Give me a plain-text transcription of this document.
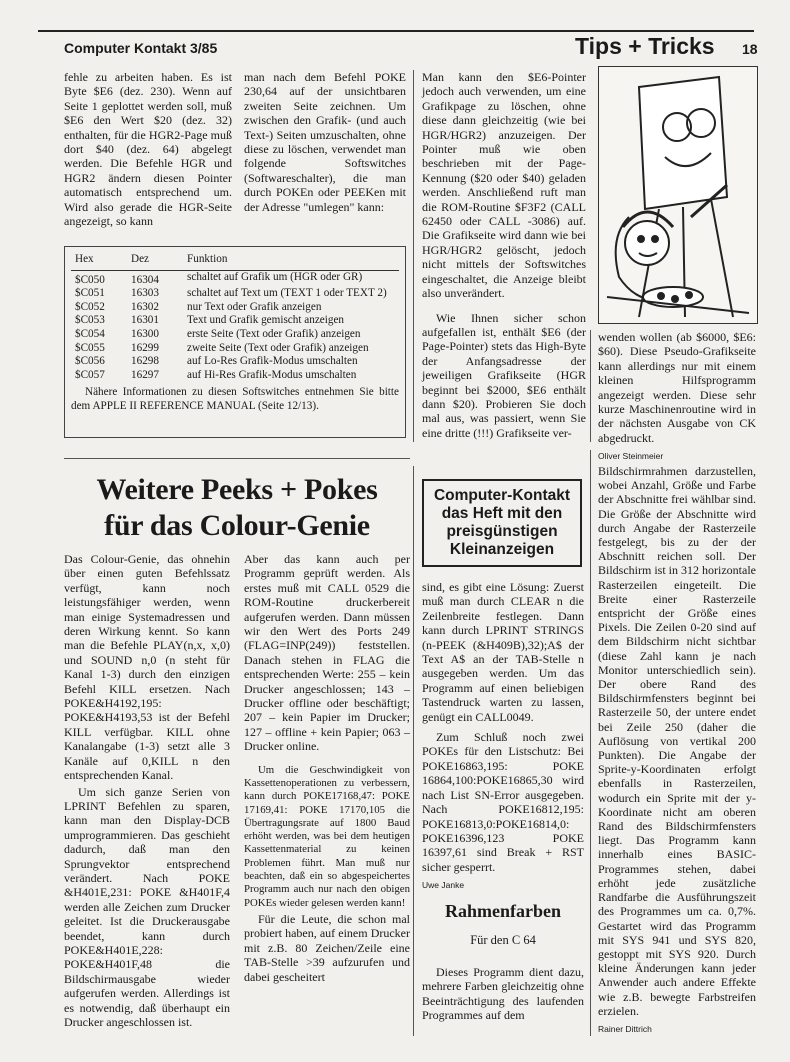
Computer Kontakt 3/85	Tips + Tricks 18

fehle zu arbeiten haben. Es ist Byte $E6 (dez. 230). Wenn auf Seite 1 geplottet werden soll, muß $E6 den Wert $20 (dez. 32) enthalten, für die HGR2-Page muß dort $40 (dez. 64) abgelegt werden. Die Befehle HGR und HGR2 ändern diesen Pointer automatisch entsprechend um. Wird also gerade die HGR-Seite angezeigt, so kann

man nach dem Befehl POKE 230,64 auf der unsichtbaren zweiten Seite zeichnen. Um zwischen den Grafik- (und auch Text-) Seiten umzuschalten, ohne diese zu löschen, verwendet man folgende Softswitches (Softwareschalter), die man durch POKEn oder PEEKen mit der Adresse "umlegen" kann:

Hex	Dez	Funktion
$C050	16304	schaltet auf Grafik um (HGR oder GR)
$C051	16303	schaltet auf Text um (TEXT 1 oder TEXT 2)
$C052	16302	nur Text oder Grafik anzeigen
$C053	16301	Text und Grafik gemischt anzeigen
$C054	16300	erste Seite (Text oder Grafik) anzeigen
$C055	16299	zweite Seite (Text oder Grafik) anzeigen
$C056	16298	auf Lo-Res Grafik-Modus umschalten
$C057	16297	auf Hi-Res Grafik-Modus umschalten
Nähere Informationen zu diesen Softswitches entnehmen Sie bitte dem APPLE II REFERENCE MANUAL (Seite 12/13).

Man kann den $E6-Pointer jedoch auch verwenden, um eine Grafikpage zu löschen, ohne diese dann gleichzeitig (wie bei HGR/HGR2) anzuzeigen. Der Pointer muß wie oben beschrieben mit der Page-Kennung ($20 oder $40) geladen werden. Anschließend ruft man die ROM-Routine $F3F2 (CALL 62450 oder CALL -3086) auf. Die Grafikseite wird dann wie bei HGR/HGR2 gelöscht, jedoch nicht mittels der Softswitches eingeschaltet, die Anzeige bleibt also unverändert.

Wie Ihnen sicher schon aufgefallen ist, enthält $E6 (der Page-Pointer) stets das High-Byte der Anfangsadresse der jeweiligen Grafikseite (HGR beginnt bei $2000, $E6 enthält dann $20). Probieren Sie doch mal aus, was passiert, wenn Sie eine dritte (!!!) Grafikseite ver-

wenden wollen (ab $6000, $E6: $60). Diese Pseudo-Grafikseite kann allerdings nur mit einem kleinen Hilfsprogramm angezeigt werden. Diese sehr kurze Maschinenroutine wird in der nächsten Ausgabe von CK abgedruckt.

Oliver Steinmeier
Weitere Peeks + Pokes
für das Colour-Genie

Das Colour-Genie, das ohnehin über einen guten Befehlssatz verfügt, kann noch leistungsfähiger werden, wenn man einige Systemadressen und deren Wirkung kennt. So kann man die Befehle PLAY(n,x, x,0) und SOUND n,0 (n steht für Kanal 1-3) durch den einzigen Befehl KILL ersetzen. Nach POKE&H4192,195: POKE&H4193,53 ist der Befehl KILL verfügbar. KILL ohne Kanalangabe (1-3) setzt alle 3 Kanäle auf 0,KILL n den entsprechenden Kanal.

Um sich ganze Serien von LPRINT Befehlen zu sparen, kann man den Display-DCB umprogrammieren. Das geschieht dadurch, daß man den Sprungvektor entsprechend verändert. Nach POKE &H401E,231: POKE &H401F,4 werden alle Zeichen zum Drucker geleitet. Ist die Druckerausgabe beendet, kann durch POKE&H401E,228: POKE&H401F,48 die Bildschirmausgabe wieder aufgerufen werden. Allerdings ist es notwendig, daß überhaupt ein Drucker angeschlossen ist.

Aber das kann auch per Programm geprüft werden. Als erstes muß mit CALL 0529 die ROM-Routine druckerbereit aufgerufen werden. Dann müssen wir den Wert des Ports 249 (FLAG=INP(249)) feststellen. Danach stehen in FLAG die entsprechenden Werte: 255 – kein Drucker angeschlossen; 143 – Drucker offline oder beschäftigt; 207 – kein Papier im Drucker; 127 – offline + kein Papier; 063 – Drucker online.

Um die Geschwindigkeit von Kassettenoperationen zu verbessern, kann durch POKE17168,47: POKE 17169,41: POKE 17170,105 die Übertragungsrate auf 1800 Baud erhöht werden, was bei dem heutigen Kassettenmaterial zu keinen Problemen führt. Man muß nur beachten, daß ein so abgespeichertes Programm auch nur nach den obigen POKEs wieder gelesen werden kann!

Für die Leute, die schon mal probiert haben, auf einem Drucker mit z.B. 80 Zeichen/Zeile eine TAB-Stelle >39 aufzurufen und dabei gescheitert

Computer-Kontakt
das Heft mit den
preisgünstigen
Kleinanzeigen

sind, es gibt eine Lösung: Zuerst muß man durch CLEAR n die Zeilenbreite festlegen. Dann kann durch LPRINT STRINGS (n-PEEK (&H409B),32);A$ der Text A$ an der TAB-Stelle n ausgegeben werden. Um das Programm auf einen beliebigen Tastendruck warten zu lassen, genügt ein CALL0049.

Zum Schluß noch zwei POKEs für den Listschutz: Bei POKE16863,195: POKE 16864,100:POKE16865,30 wird nach List SN-Error ausgegeben. Nach POKE16812,195: POKE16813,0:POKE16814,0: POKE16396,123 POKE 16397,61 sind Break + RST sicher gesperrt.

Uwe Janke
Rahmenfarben
Für den C 64

Dieses Programm dient dazu, mehrere Farben gleichzeitig ohne Beeinträchtigung des laufenden Programmes auf dem

Bildschirmrahmen darzustellen, wobei Anzahl, Größe und Farbe der Abschnitte frei wählbar sind. Die Größe der Abschnitte wird durch Angabe der Rasterzeile festgelegt, bis zu der der Abschnitt reichen soll. Der Bildschirm ist in 312 horizontale Rasterzeilen eingeteilt. Die Breite einer Rasterzeile entspricht der Größe eines Pixels. Die Zeilen 0-20 sind auf dem Bildschirm nicht sichtbar (diese Zahl kann je nach Monitor unterschiedlich sein). Der obere Rand des Bildschirmfensters beginnt bei Rasterzeile 50, der untere endet bei Zeile 250 (daher die Auflösung von vertikal 200 Punkten). Die Angabe der Sprite-y-Koordinaten erfolgt ebenfalls in Rasterzeilen, wodurch ein Sprite mit der y-Koordinate nicht am oberen Rand des Bildschirmfensters liegt. Das Programm kann innerhalb eines BASIC-Programmes stehen, dabei erhöht jede zusätzliche Randfarbe die Ausführungszeit des Programmes um ca. 0,7%. Gestartet wird das Programm mit SYS 941 und SYS 820, gestoppt mit SYS 920. Durch kleine Änderungen kann jeder Anwender auch andere Effekte wie z.B. bewegte Farbstreifen erzielen.

Rainer Dittrich
